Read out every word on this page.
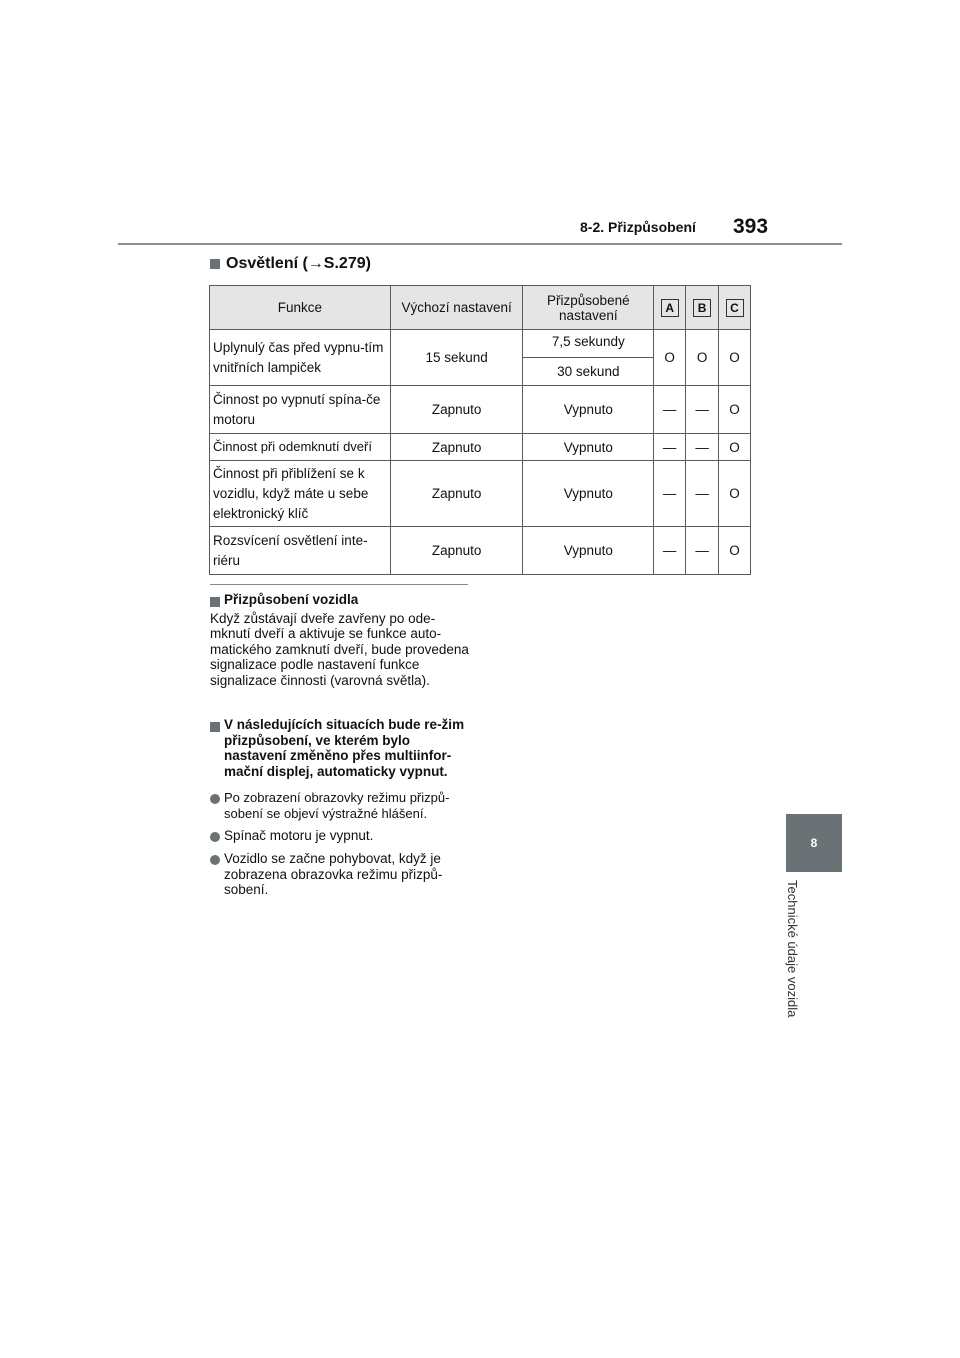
8-2. Přizpůsobení 393
8
Technické údaje vozidla
Osvětlení (→S.279)
Funkce	Výchozí nastavení	Přizpůsobené nastavení	A	B	C
Uplynulý čas před vypnu-tím vnitřních lampiček	15 sekund	7,5 sekundy	O	O	O
		30 sekund			
Činnost po vypnutí spína-če motoru	Zapnuto	Vypnuto	—	—	O
Činnost při odemknutí dveří	Zapnuto	Vypnuto	—	—	O
Činnost při přiblížení se k vozidlu, když máte u sebe elektronický klíč	Zapnuto	Vypnuto	—	—	O
Rozsvícení osvětlení inte-riéru	Zapnuto	Vypnuto	—	—	O
Přizpůsobení vozidla
Když zůstávají dveře zavřeny po ode-mknutí dveří a aktivuje se funkce auto-matického zamknutí dveří, bude provedena signalizace podle nastavení funkce signalizace činnosti (varovná světla).
V následujících situacích bude re-žim přizpůsobení, ve kterém bylo nastavení změněno přes multiinfor-mační displej, automaticky vypnut.
Po zobrazení obrazovky režimu přizpů-sobení se objeví výstražné hlášení.
Spínač motoru je vypnut.
Vozidlo se začne pohybovat, když je zobrazena obrazovka režimu přizpů-sobení.
